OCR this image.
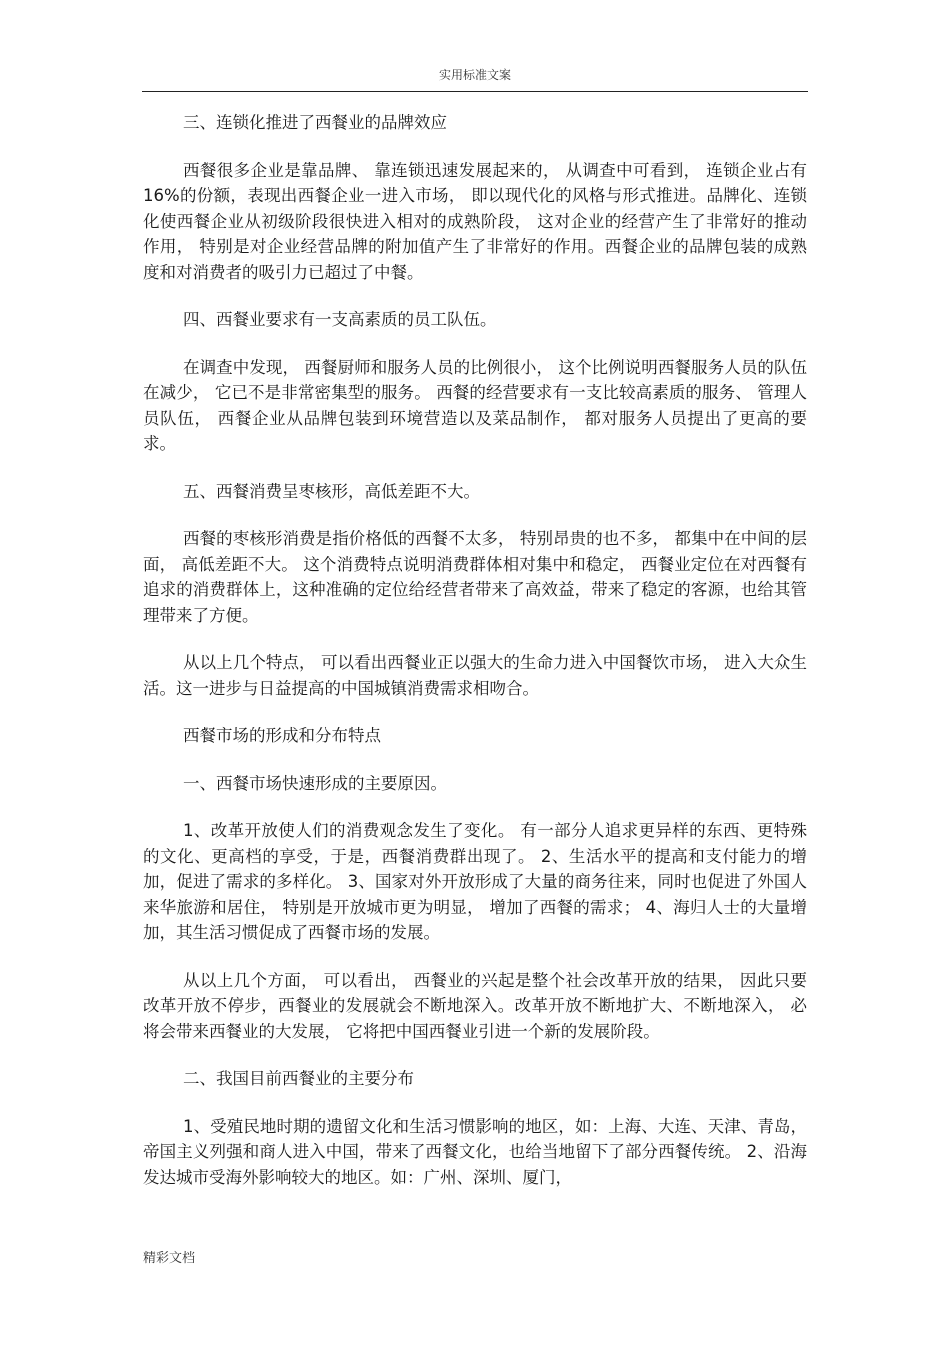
实用标准文案
三、连锁化推进了西餐业的品牌效应
西餐很多企业是靠品牌、 靠连锁迅速发展起来的， 从调查中可看到， 连锁企业占有 16%的份额，表现出西餐企业一进入市场， 即以现代化的风格与形式推进。品牌化、连锁化使西餐企业从初级阶段很快进入相对的成熟阶段， 这对企业的经营产生了非常好的推动作用， 特别是对企业经营品牌的附加值产生了非常好的作用。西餐企业的品牌包装的成熟度和对消费者的吸引力已超过了中餐。
四、西餐业要求有一支高素质的员工队伍。
在调查中发现， 西餐厨师和服务人员的比例很小， 这个比例说明西餐服务人员的队伍在减少， 它已不是非常密集型的服务。 西餐的经营要求有一支比较高素质的服务、 管理人员队伍， 西餐企业从品牌包装到环境营造以及菜品制作， 都对服务人员提出了更高的要求。
五、西餐消费呈枣核形，高低差距不大。
西餐的枣核形消费是指价格低的西餐不太多， 特别昂贵的也不多， 都集中在中间的层面， 高低差距不大。 这个消费特点说明消费群体相对集中和稳定， 西餐业定位在对西餐有追求的消费群体上，这种准确的定位给经营者带来了高效益，带来了稳定的客源，也给其管理带来了方便。
从以上几个特点， 可以看出西餐业正以强大的生命力进入中国餐饮市场， 进入大众生活。这一进步与日益提高的中国城镇消费需求相吻合。
西餐市场的形成和分布特点
一、西餐市场快速形成的主要原因。
1、改革开放使人们的消费观念发生了变化。 有一部分人追求更异样的东西、更特殊的文化、更高档的享受，于是，西餐消费群出现了。 2、生活水平的提高和支付能力的增加，促进了需求的多样化。 3、国家对外开放形成了大量的商务往来，同时也促进了外国人来华旅游和居住， 特别是开放城市更为明显， 增加了西餐的需求； 4、海归人士的大量增加，其生活习惯促成了西餐市场的发展。
从以上几个方面， 可以看出， 西餐业的兴起是整个社会改革开放的结果， 因此只要改革开放不停步，西餐业的发展就会不断地深入。改革开放不断地扩大、不断地深入， 必将会带来西餐业的大发展， 它将把中国西餐业引进一个新的发展阶段。
二、我国目前西餐业的主要分布
1、受殖民地时期的遗留文化和生活习惯影响的地区，如：上海、大连、天津、青岛，帝国主义列强和商人进入中国，带来了西餐文化，也给当地留下了部分西餐传统。 2、沿海发达城市受海外影响较大的地区。如：广州、深圳、厦门，
精彩文档
